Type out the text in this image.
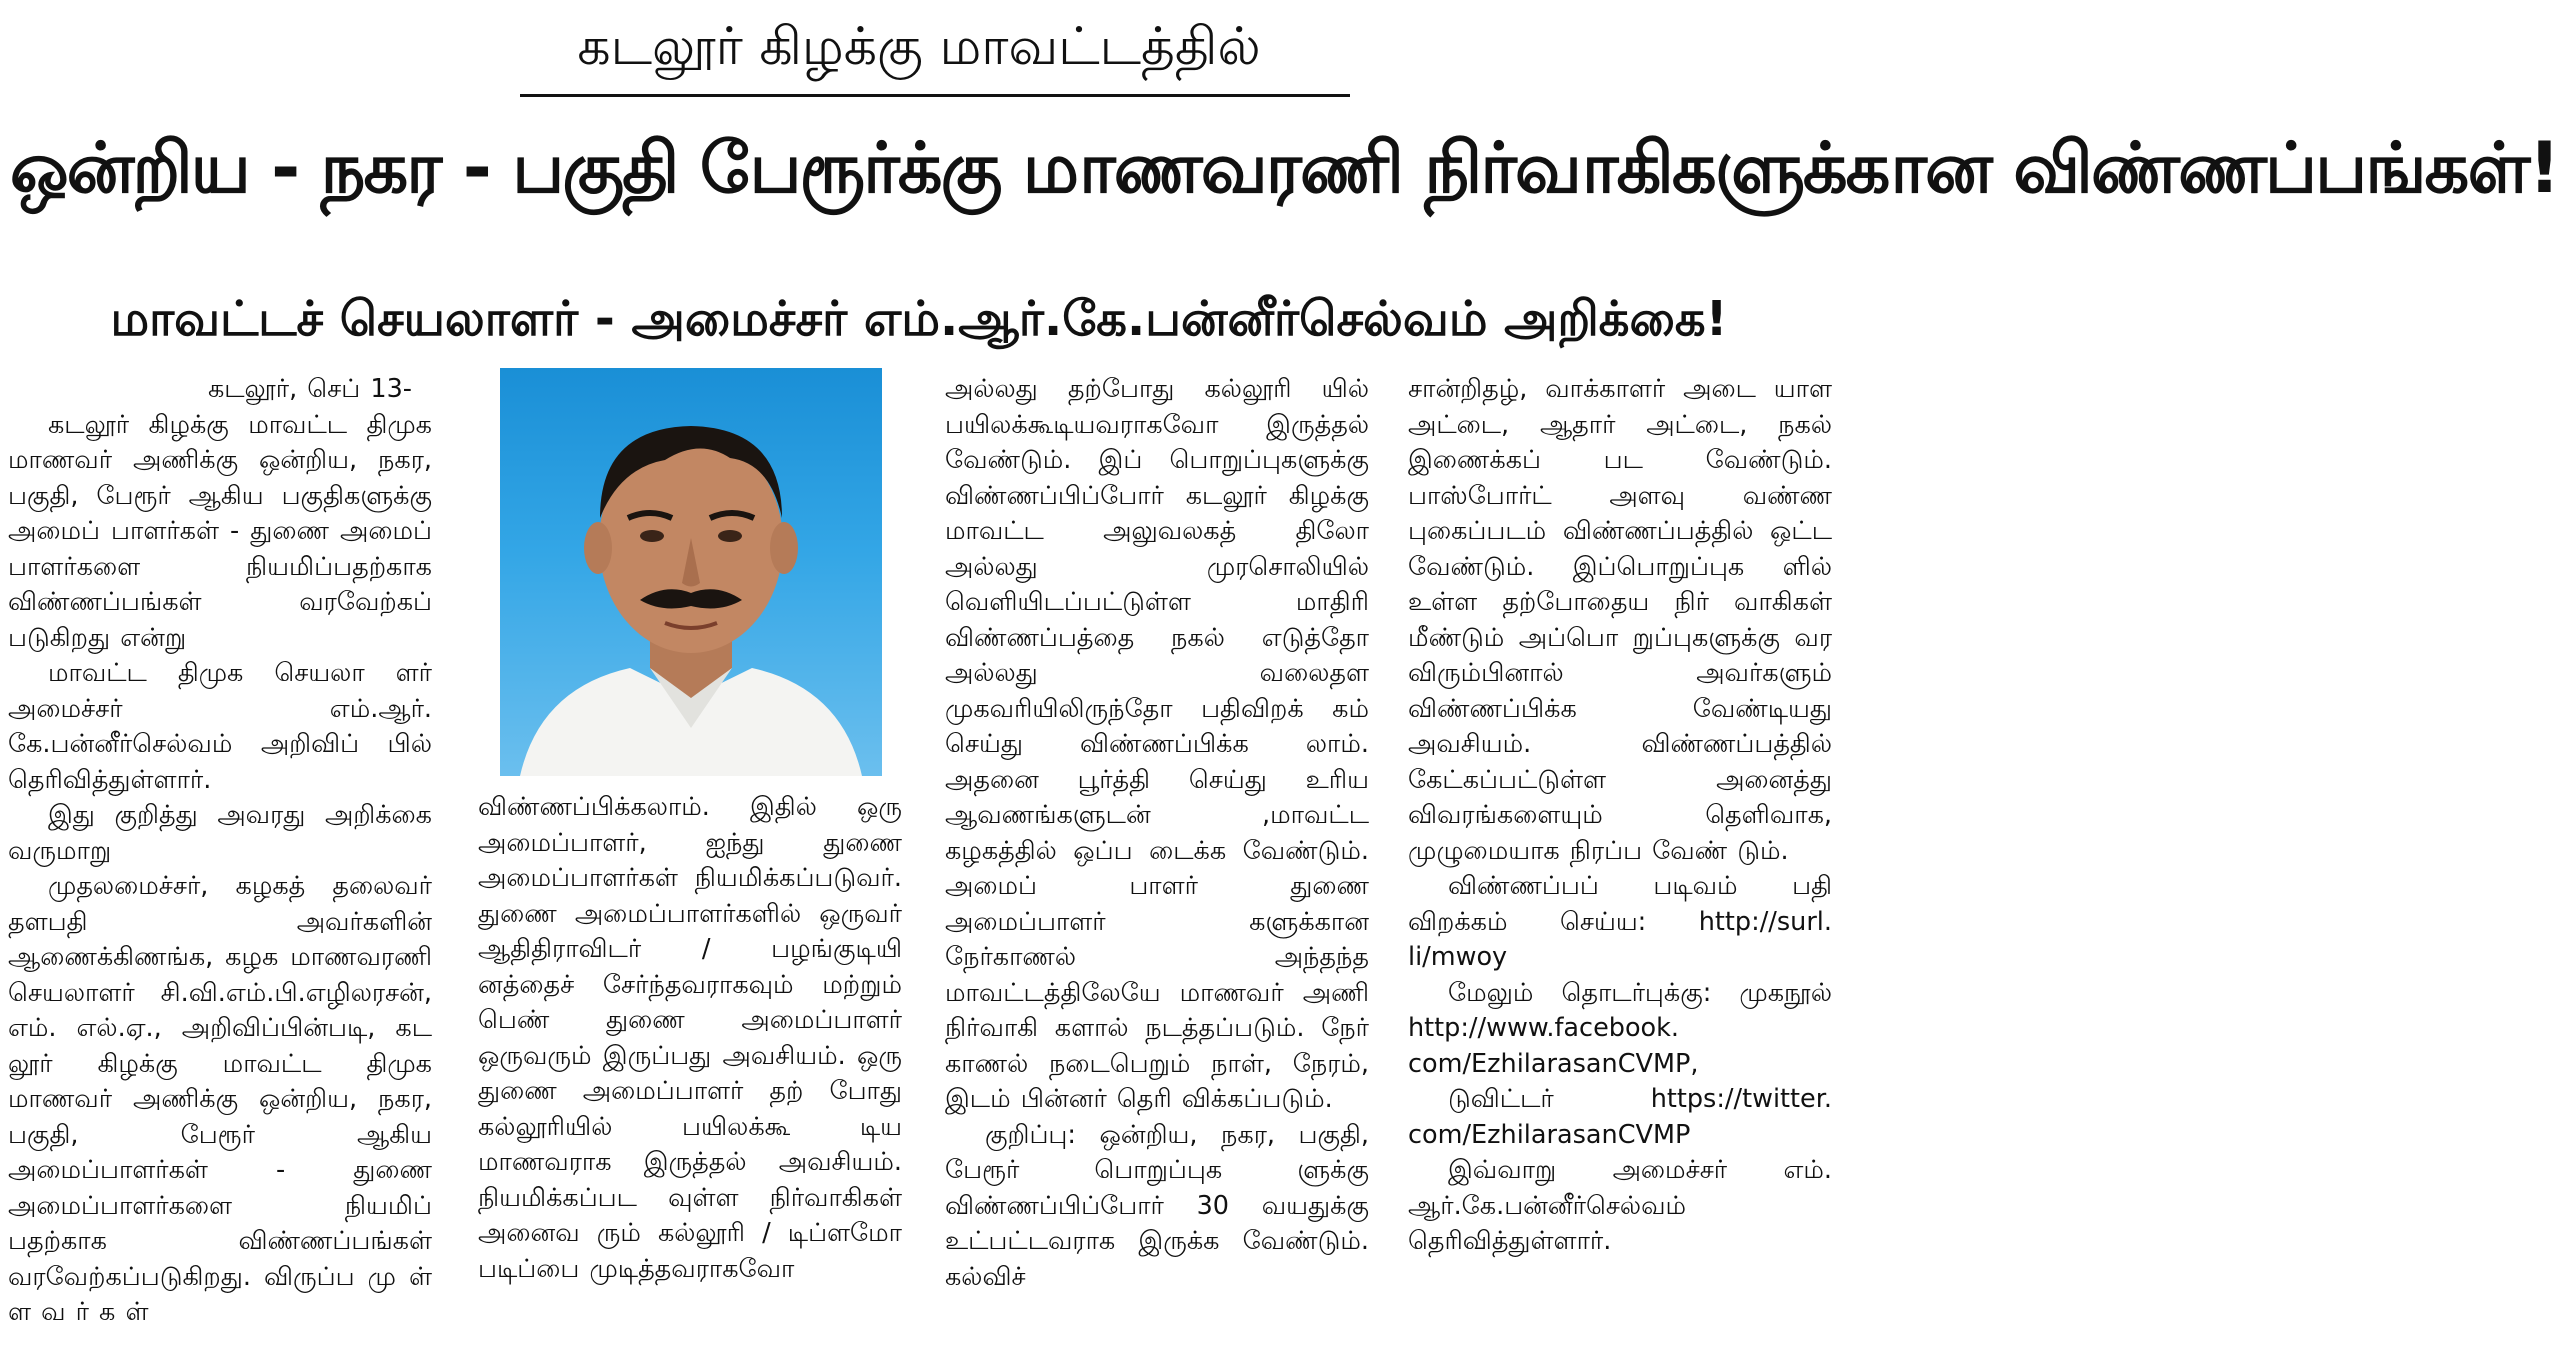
கடலூர் கிழக்கு மாவட்டத்தில்
ஒன்றிய - நகர - பகுதி பேரூர்க்கு மாணவரணி நிர்வாகிகளுக்கான விண்ணப்பங்கள்!
மாவட்டச் செயலாளர் - அமைச்சர் எம்.ஆர்.கே.பன்னீர்செல்வம் அறிக்கை!

கடலூர், செப் 13-

கடலூர் கிழக்கு மாவட்ட திமுக மாணவர் அணிக்கு ஒன்றிய, நகர, பகுதி, பேரூர் ஆகிய பகுதிகளுக்கு அமைப் பாளர்கள் - துணை அமைப் பாளர்களை நியமிப்பதற்காக விண்ணப்பங்கள் வரவேற்கப் படுகிறது என்று

மாவட்ட திமுக செயலா ளர் அமைச்சர் எம்.ஆர். கே.பன்னீர்செல்வம் அறிவிப் பில் தெரிவித்துள்ளார்.

இது குறித்து அவரது அறிக்கை வருமாறு

முதலமைச்சர், கழகத் தலைவர் தளபதி அவர்களின் ஆணைக்கிணங்க, கழக மாணவரணி செயலாளர் சி.வி.எம்.பி.எழிலரசன், எம். எல்.ஏ., அறிவிப்பின்படி, கட லூர் கிழக்கு மாவட்ட திமுக மாணவர் அணிக்கு ஒன்றிய, நகர, பகுதி, பேரூர் ஆகிய அமைப்பாளர்கள் - துணை அமைப்பாளர்களை நியமிப் பதற்காக விண்ணப்பங்கள் வரவேற்கப்படுகிறது. விருப்ப மு ள் ள வ ர் க ள்

விண்ணப்பிக்கலாம். இதில் ஒரு அமைப்பாளர், ஐந்து துணை அமைப்பாளர்கள் நியமிக்கப்படுவர். துணை அமைப்பாளர்களில் ஒருவர் ஆதிதிராவிடர் / பழங்குடியி னத்தைச் சேர்ந்தவராகவும் மற்றும் பெண் துணை அமைப்பாளர் ஒருவரும் இருப்பது அவசியம். ஒரு துணை அமைப்பாளர் தற் போது கல்லூரியில் பயிலக்கூ டிய மாணவராக இருத்தல் அவசியம். நியமிக்கப்பட வுள்ள நிர்வாகிகள் அனைவ ரும் கல்லூரி / டிப்ளமோ படிப்பை முடித்தவராகவோ

அல்லது தற்போது கல்லூரி யில் பயிலக்கூடியவராகவோ இருத்தல் வேண்டும். இப் பொறுப்புகளுக்கு விண்ணப்பிப்போர் கடலூர் கிழக்கு மாவட்ட அலுவலகத் திலோ அல்லது முரசொலியில் வெளியிடப்பட்டுள்ள மாதிரி விண்ணப்பத்தை நகல் எடுத்தோ அல்லது வலைதள முகவரியிலிருந்தோ பதிவிறக் கம் செய்து விண்ணப்பிக்க லாம். அதனை பூர்த்தி செய்து உரிய ஆவணங்களுடன் ,மாவட்ட கழகத்தில் ஒப்ப டைக்க வேண்டும். அமைப் பாளர் துணை அமைப்பாளர் களுக்கான நேர்காணல் அந்தந்த மாவட்டத்திலேயே மாணவர் அணி நிர்வாகி களால் நடத்தப்படும். நேர் காணல் நடைபெறும் நாள், நேரம், இடம் பின்னர் தெரி விக்கப்படும்.

குறிப்பு: ஒன்றிய, நகர, பகுதி, பேரூர் பொறுப்புக ளுக்கு விண்ணப்பிப்போர் 30 வயதுக்கு உட்பட்டவராக இருக்க வேண்டும். கல்விச்

சான்றிதழ், வாக்காளர் அடை யாள அட்டை, ஆதார் அட்டை, நகல் இணைக்கப் பட வேண்டும். பாஸ்போர்ட் அளவு வண்ண புகைப்படம் விண்ணப்பத்தில் ஒட்ட வேண்டும். இப்பொறுப்புக ளில் உள்ள தற்போதைய நிர் வாகிகள் மீண்டும் அப்பொ றுப்புகளுக்கு வர விரும்பினால் அவர்களும் விண்ணப்பிக்க வேண்டியது அவசியம். விண்ணப்பத்தில் கேட்கப்பட்டுள்ள அனைத்து விவரங்களையும் தெளிவாக, முழுமையாக நிரப்ப வேண் டும்.

விண்ணப்பப் படிவம் பதி விறக்கம் செய்ய: http://surl. li/mwoy

மேலும் தொடர்புக்கு: முகநூல் http://www.facebook. com/EzhilarasanCVMP,

டுவிட்டர் https://twitter. com/EzhilarasanCVMP

இவ்வாறு அமைச்சர் எம். ஆர்.கே.பன்னீர்செல்வம் தெரிவித்துள்ளார்.
